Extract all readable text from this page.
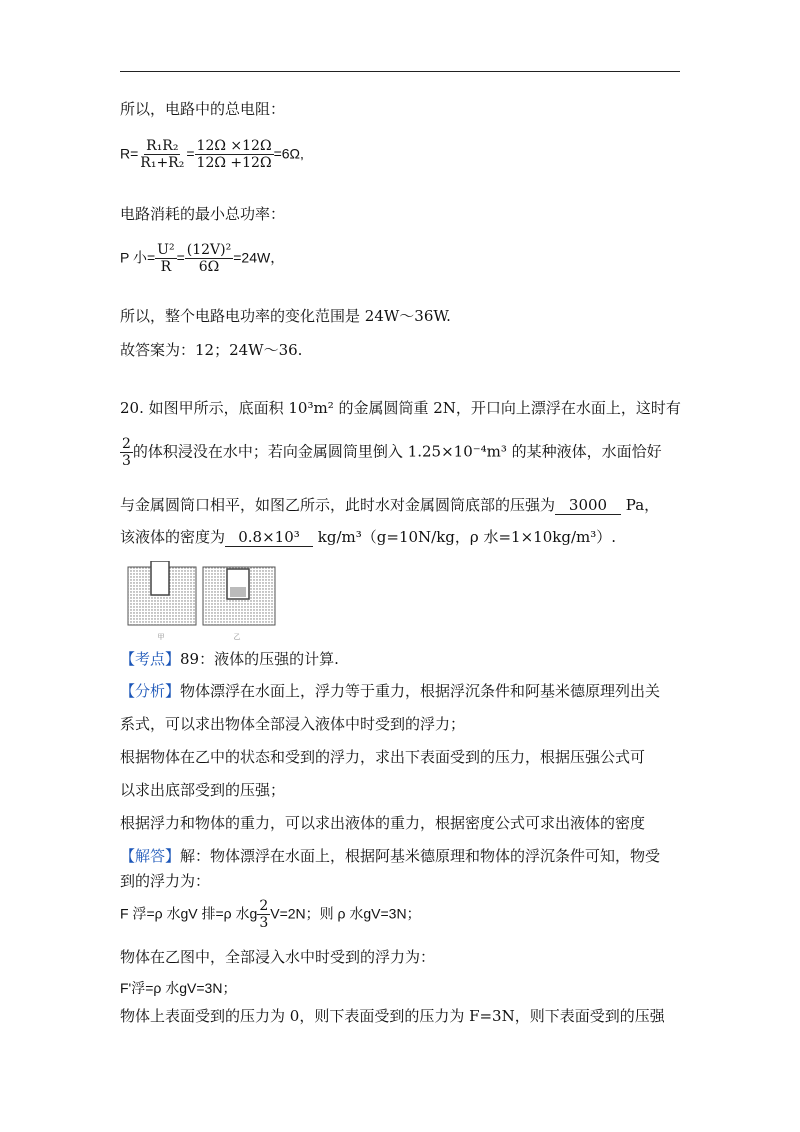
所以，电路中的总电阻：
$R= \frac{\text{R₁R₂}}{\text{R₁+R₂}} = \frac{12\Omega \times 12\Omega}{12\Omega +12\Omega} =6\Omega$,
电路消耗的最小总功率：
P 小= $\frac{\text{U²}}{R} = \frac{\text{(12V)²}}{6\Omega} =24W$，
所以，整个电路电功率的变化范围是 24W～36W.
故答案为：12；24W～36.
20. 如图甲所示，底面积 10³m² 的金属圆筒重 2N，开口向上漂浮在水面上，这时有
$\frac{2}{3}$ 的体积浸没在水中；若向金属圆筒里倒入 1.25×10⁻⁴m³ 的某种液体，水面恰好
与金属圆筒口相平，如图乙所示，此时水对金属圆筒底部的压强为 3000 Pa，
该液体的密度为 0.8×10³ kg/m³（g=10N/kg，ρ 水=1×10kg/m³）.
甲	乙
【考点】89：液体的压强的计算.
【分析】物体漂浮在水面上，浮力等于重力，根据浮沉条件和阿基米德原理列出关
系式，可以求出物体全部浸入液体中时受到的浮力；
根据物体在乙中的状态和受到的浮力，求出下表面受到的压力，根据压强公式可
以求出底部受到的压强；
根据浮力和物体的重力，可以求出液体的重力，根据密度公式可求出液体的密度
【解答】解：物体漂浮在水面上，根据阿基米德原理和物体的浮沉条件可知，物受
到的浮力为：
F 浮=ρ 水gV 排=ρ 水g $\frac{2}{3} V=2N$；则 ρ 水gV=3N；
物体在乙图中，全部浸入水中时受到的浮力为：
F'浮=ρ 水gV=3N；
物体上表面受到的压力为 0，则下表面受到的压力为 F=3N，则下表面受到的压强
